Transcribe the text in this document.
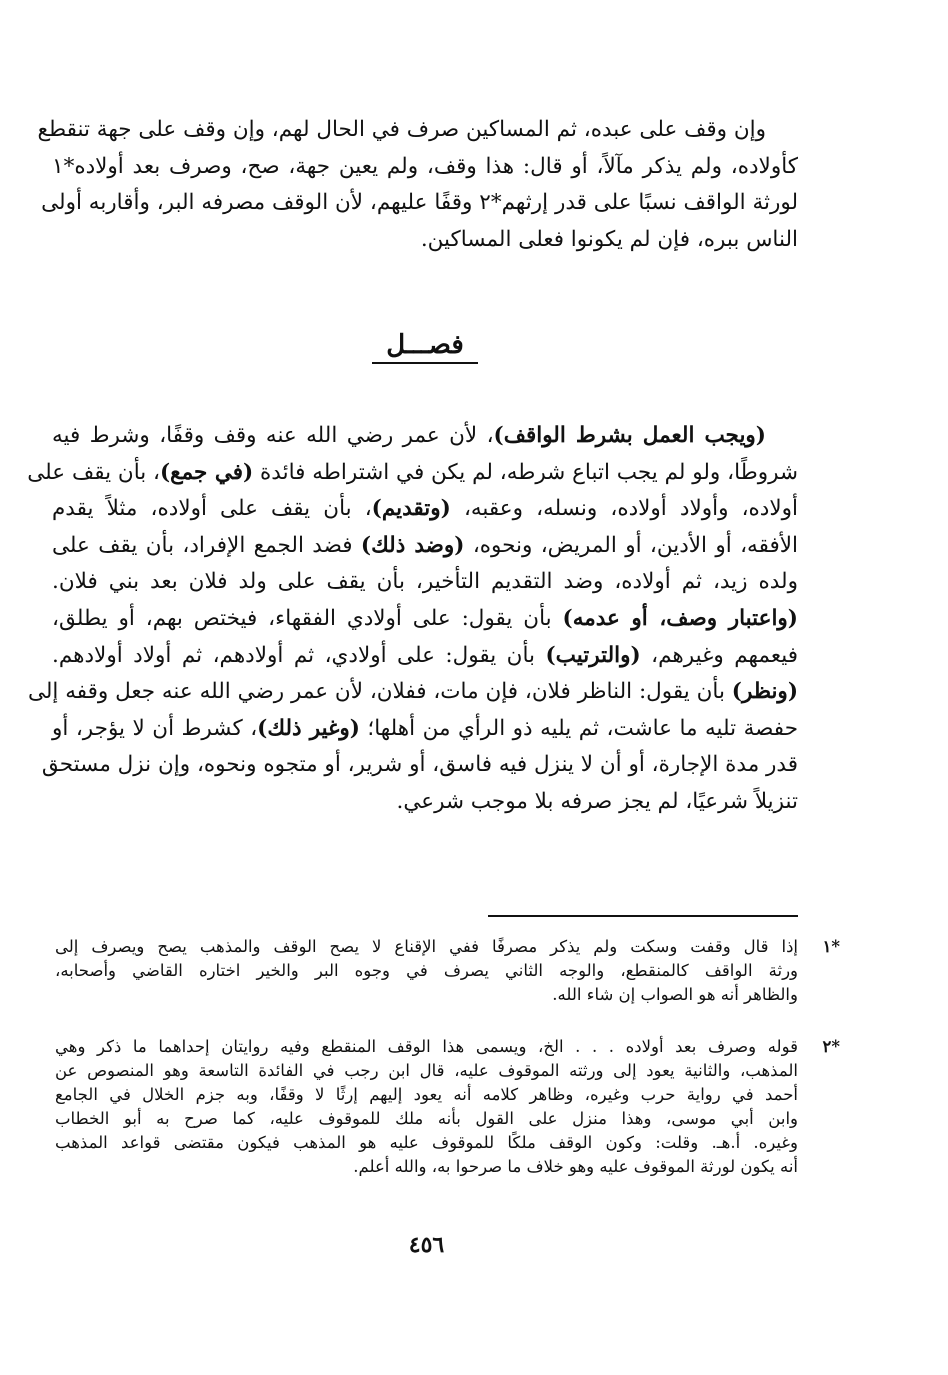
وإن وقف على عبده، ثم المساكين صرف في الحال لهم، وإن وقف على جهة تنقطع
كأولاده، ولم يذكر مآلاً، أو قال: هذا وقف، ولم يعين جهة، صح، وصرف بعد أولاده*١
لورثة الواقف نسبًا على قدر إرثهم*٢ وقفًا عليهم، لأن الوقف مصرفه البر، وأقاربه أولى
الناس ببره، فإن لم يكونوا فعلى المساكين.
فصـــل
(ويجب العمل بشرط الواقف)، لأن عمر رضي الله عنه وقف وقفًا، وشرط فيه
شروطًا، ولو لم يجب اتباع شرطه، لم يكن في اشتراطه فائدة (في جمع)، بأن يقف على
أولاده، وأولاد أولاده، ونسله، وعقبه، (وتقديم)، بأن يقف على أولاده، مثلاً يقدم
الأفقه، أو الأدين، أو المريض، ونحوه، (وضد ذلك) فضد الجمع الإفراد، بأن يقف على
ولده زيد، ثم أولاده، وضد التقديم التأخير، بأن يقف على ولد فلان بعد بني فلان.
(واعتبار وصف، أو عدمه) بأن يقول: على أولادي الفقهاء، فيختص بهم، أو يطلق،
فيعمهم وغيرهم، (والترتيب) بأن يقول: على أولادي، ثم أولادهم، ثم أولاد أولادهم.
(ونظر) بأن يقول: الناظر فلان، فإن مات، ففلان، لأن عمر رضي الله عنه جعل وقفه إلى
حفصة تليه ما عاشت، ثم يليه ذو الرأي من أهلها؛ (وغير ذلك)، كشرط أن لا يؤجر، أو
قدر مدة الإجارة، أو أن لا ينزل فيه فاسق، أو شرير، أو متجوه ونحوه، وإن نزل مستحق
تنزيلاً شرعيًا، لم يجز صرفه بلا موجب شرعي.
*١
إذا قال وقفت وسكت ولم يذكر مصرفًا ففي الإقناع لا يصح الوقف والمذهب يصح ويصرف إلى
ورثة الواقف كالمنقطع، والوجه الثاني يصرف في وجوه البر والخير اختاره القاضي وأصحابه،
والظاهر أنه هو الصواب إن شاء الله.
*٢
قوله وصرف بعد أولاده . . . الخ، ويسمى هذا الوقف المنقطع وفيه روايتان إحداهما ما ذكر وهي
المذهب، والثانية يعود إلى ورثته الموقوف عليه، قال ابن رجب في الفائدة التاسعة وهو المنصوص عن
أحمد في رواية حرب وغيره، وظاهر كلامه أنه يعود إليهم إرثًا لا وقفًا، وبه جزم الخلال في الجامع
وابن أبي موسى، وهذا منزل على القول بأنه ملك للموقوف عليه، كما صرح به أبو الخطاب
وغيره. أ.هـ. وقلت: وكون الوقف ملكًا للموقوف عليه هو المذهب فيكون مقتضى قواعد المذهب
أنه يكون لورثة الموقوف عليه وهو خلاف ما صرحوا به، والله أعلم.
٤٥٦
